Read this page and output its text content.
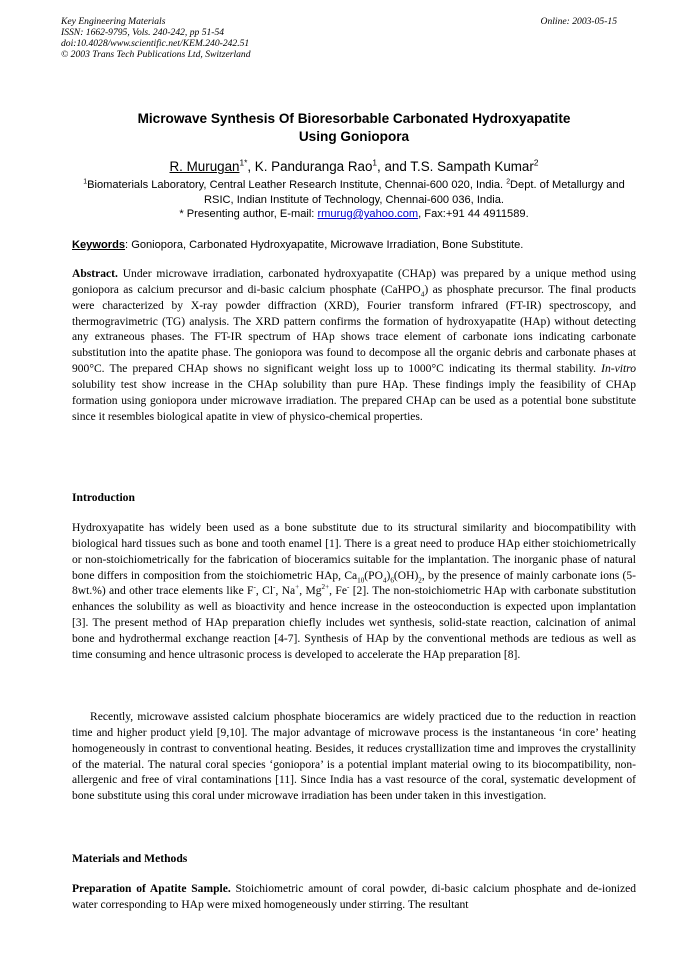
Key Engineering Materials
ISSN: 1662-9795, Vols. 240-242, pp 51-54
doi:10.4028/www.scientific.net/KEM.240-242.51
© 2003 Trans Tech Publications Ltd, Switzerland
Online: 2003-05-15
Microwave Synthesis Of Bioresorbable Carbonated Hydroxyapatite
Using Goniopora
R. Murugan$^{1*}$, K. Panduranga Rao$^1$, and T.S. Sampath Kumar$^2$
$^1$Biomaterials Laboratory, Central Leather Research Institute, Chennai-600 020, India. $^2$Dept. of Metallurgy and RSIC, Indian Institute of Technology, Chennai-600 036, India.
* Presenting author, E-mail: rmurug@yahoo.com, Fax:+91 44 4911589.
Keywords: Goniopora, Carbonated Hydroxyapatite, Microwave Irradiation, Bone Substitute.
Abstract. Under microwave irradiation, carbonated hydroxyapatite (CHAp) was prepared by a unique method using goniopora as calcium precursor and di-basic calcium phosphate (CaHPO$_4$) as phosphate precursor. The final products were characterized by X-ray powder diffraction (XRD), Fourier transform infrared (FT-IR) spectroscopy, and thermogravimetric (TG) analysis. The XRD pattern confirms the formation of hydroxyapatite (HAp) without detecting any extraneous phases. The FT-IR spectrum of HAp shows trace element of carbonate ions indicating carbonate substitution into the apatite phase. The goniopora was found to decompose all the organic debris and carbonate phases at 900°C. The prepared CHAp shows no significant weight loss up to 1000°C indicating its thermal stability. In-vitro solubility test show increase in the CHAp solubility than pure HAp. These findings imply the feasibility of CHAp formation using goniopora under microwave irradiation. The prepared CHAp can be used as a potential bone substitute since it resembles biological apatite in view of physico-chemical properties.
Introduction
Hydroxyapatite has widely been used as a bone substitute due to its structural similarity and biocompatibility with biological hard tissues such as bone and tooth enamel [1]. There is a great need to produce HAp either stoichiometrically or non-stoichiometrically for the fabrication of bioceramics suitable for the implantation. The inorganic phase of natural bone differs in composition from the stoichiometric HAp, $Ca_{10}(PO_4)_6(OH)_2$, by the presence of mainly carbonate ions (5-8wt.%) and other trace elements like F-, Cl-, Na+, $Mg^{2+}$, Fe- [2]. The non-stoichiometric HAp with carbonate substitution enhances the solubility as well as bioactivity and hence increase in the osteoconduction is expected upon implantation [3]. The present method of HAp preparation chiefly includes wet synthesis, solid-state reaction, calcination of animal bone and hydrothermal exchange reaction [4-7]. Synthesis of HAp by the conventional methods are tedious as well as time consuming and hence ultrasonic process is developed to accelerate the HAp preparation [8].
Recently, microwave assisted calcium phosphate bioceramics are widely practiced due to the reduction in reaction time and higher product yield [9,10]. The major advantage of microwave process is the instantaneous ‘in core’ heating homogeneously in contrast to conventional heating. Besides, it reduces crystallization time and improves the crystallinity of the material. The natural coral species ‘goniopora’ is a potential implant material owing to its biocompatibility, non-allergenic and free of viral contaminations [11]. Since India has a vast resource of the coral, systematic development of bone substitute using this coral under microwave irradiation has been under taken in this investigation.
Materials and Methods
Preparation of Apatite Sample. Stoichiometric amount of coral powder, di-basic calcium phosphate and de-ionized water corresponding to HAp were mixed homogeneously under stirring. The resultant
